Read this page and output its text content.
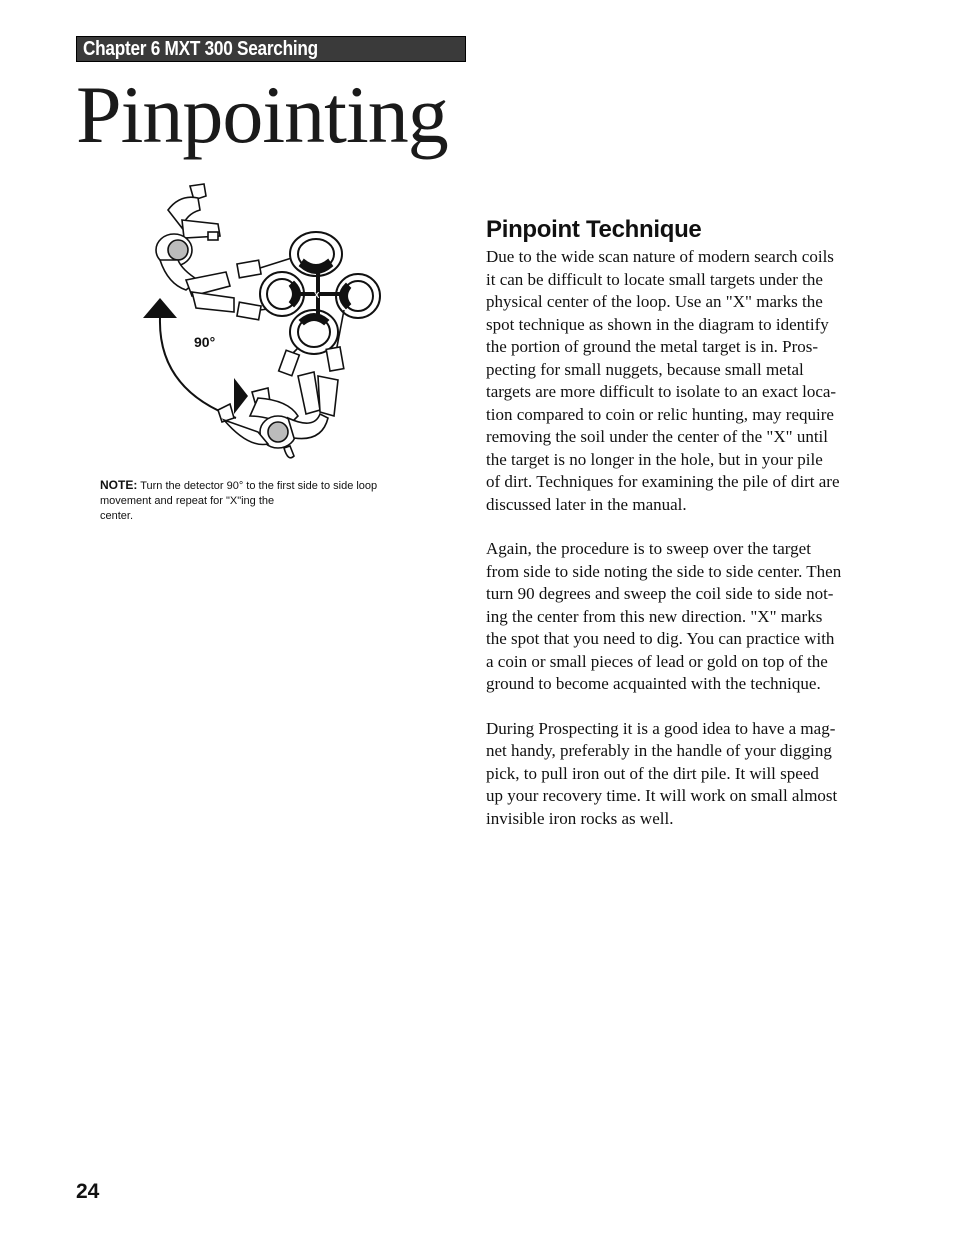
Chapter 6 MXT 300 Searching
Pinpointing
90°
X
NOTE: Turn the detector 90° to the first side to side loop
movement and repeat for "X"ing the
center.
Pinpoint Technique

Due to the wide scan nature of modern search coils
it can be difficult to locate small targets under the
physical center of the loop. Use an "X" marks the
spot technique as shown in the diagram to identify
the portion of ground the metal target is in. Pros-
pecting for small nuggets, because small metal
targets are more difficult to isolate to an exact loca-
tion compared to coin or relic hunting, may require
removing the soil under the center of the "X" until
the target is no longer in the hole, but in your pile
of dirt. Techniques for examining the pile of dirt are
discussed later in the manual.

Again, the procedure is to sweep over the target
from side to side noting the side to side center. Then
turn 90 degrees and sweep the coil side to side not-
ing the center from this new direction. "X" marks
the spot that you need to dig. You can practice with
a coin or small pieces of lead or gold on top of the
ground to become acquainted with the technique.

During Prospecting it is a good idea to have a mag-
net handy, preferably in the handle of your digging
pick, to pull iron out of the dirt pile. It will speed
up your recovery time. It will work on small almost
invisible iron rocks as well.

24
